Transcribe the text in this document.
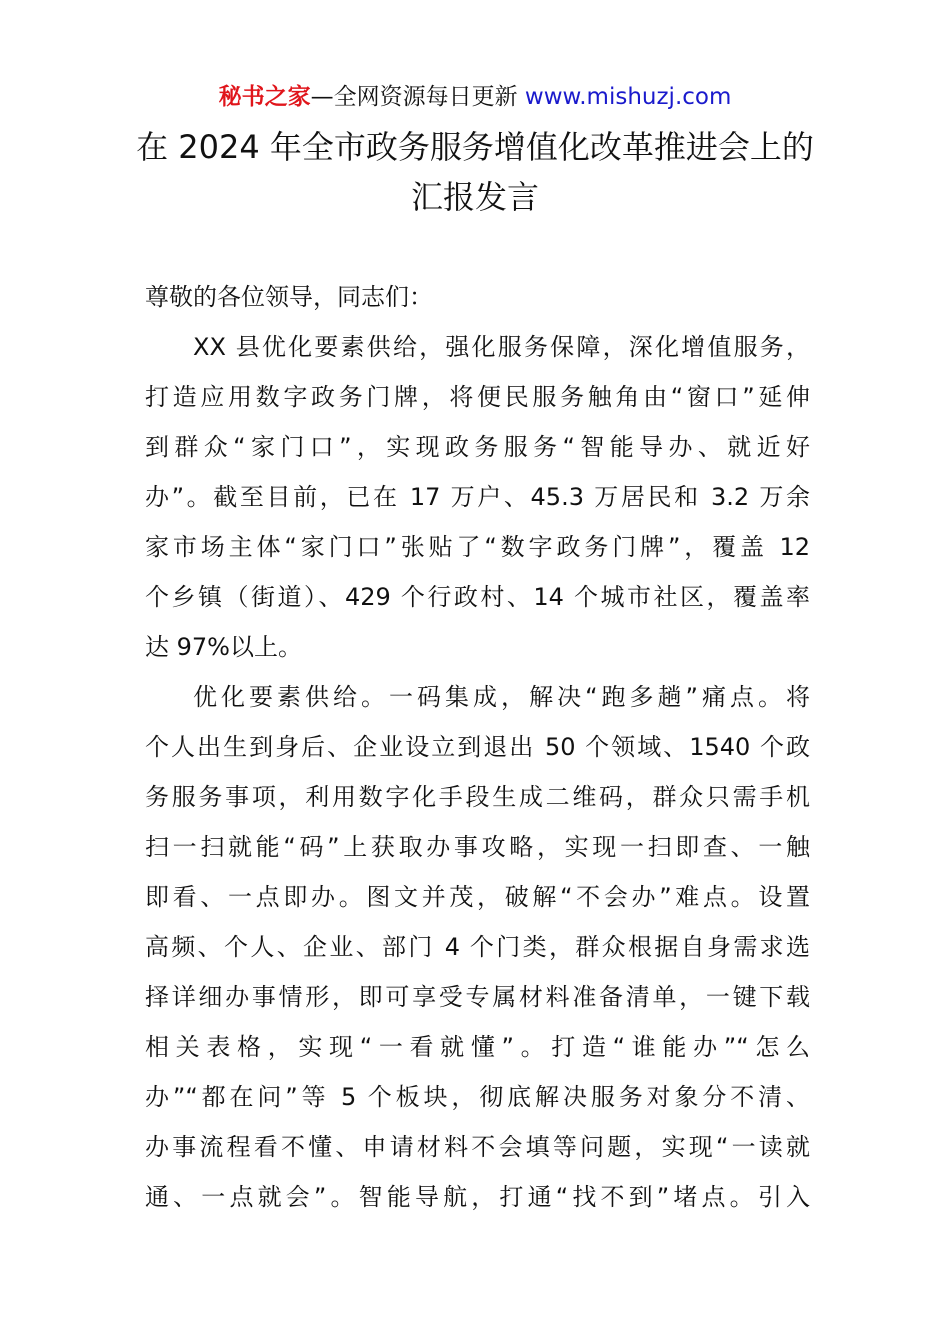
秘书之家—全网资源每日更新 www.mishuzj.com
在 2024 年全市政务服务增值化改革推进会上的
汇报发言

尊敬的各位领导，同志们：

XX 县优化要素供给，强化服务保障，深化增值服务，
打造应用数字政务门牌，将便民服务触角由“窗口”延伸
到群众“家门口”，实现政务服务“智能导办、就近好
办”。截至目前，已在 17 万户、45.3 万居民和 3.2 万余
家市场主体“家门口”张贴了“数字政务门牌”，覆盖 12
个乡镇（街道）、429 个行政村、14 个城市社区，覆盖率
达 97%以上。

优化要素供给。一码集成，解决“跑多趟”痛点。将
个人出生到身后、企业设立到退出 50 个领域、1540 个政
务服务事项，利用数字化手段生成二维码，群众只需手机
扫一扫就能“码”上获取办事攻略，实现一扫即查、一触
即看、一点即办。图文并茂，破解“不会办”难点。设置
高频、个人、企业、部门 4 个门类，群众根据自身需求选
择详细办事情形，即可享受专属材料准备清单，一键下载
相关表格，实现“一看就懂”。打造“谁能办”“怎么
办”“都在问”等 5 个板块，彻底解决服务对象分不清、
办事流程看不懂、申请材料不会填等问题，实现“一读就
通、一点就会”。智能导航，打通“找不到”堵点。引入
